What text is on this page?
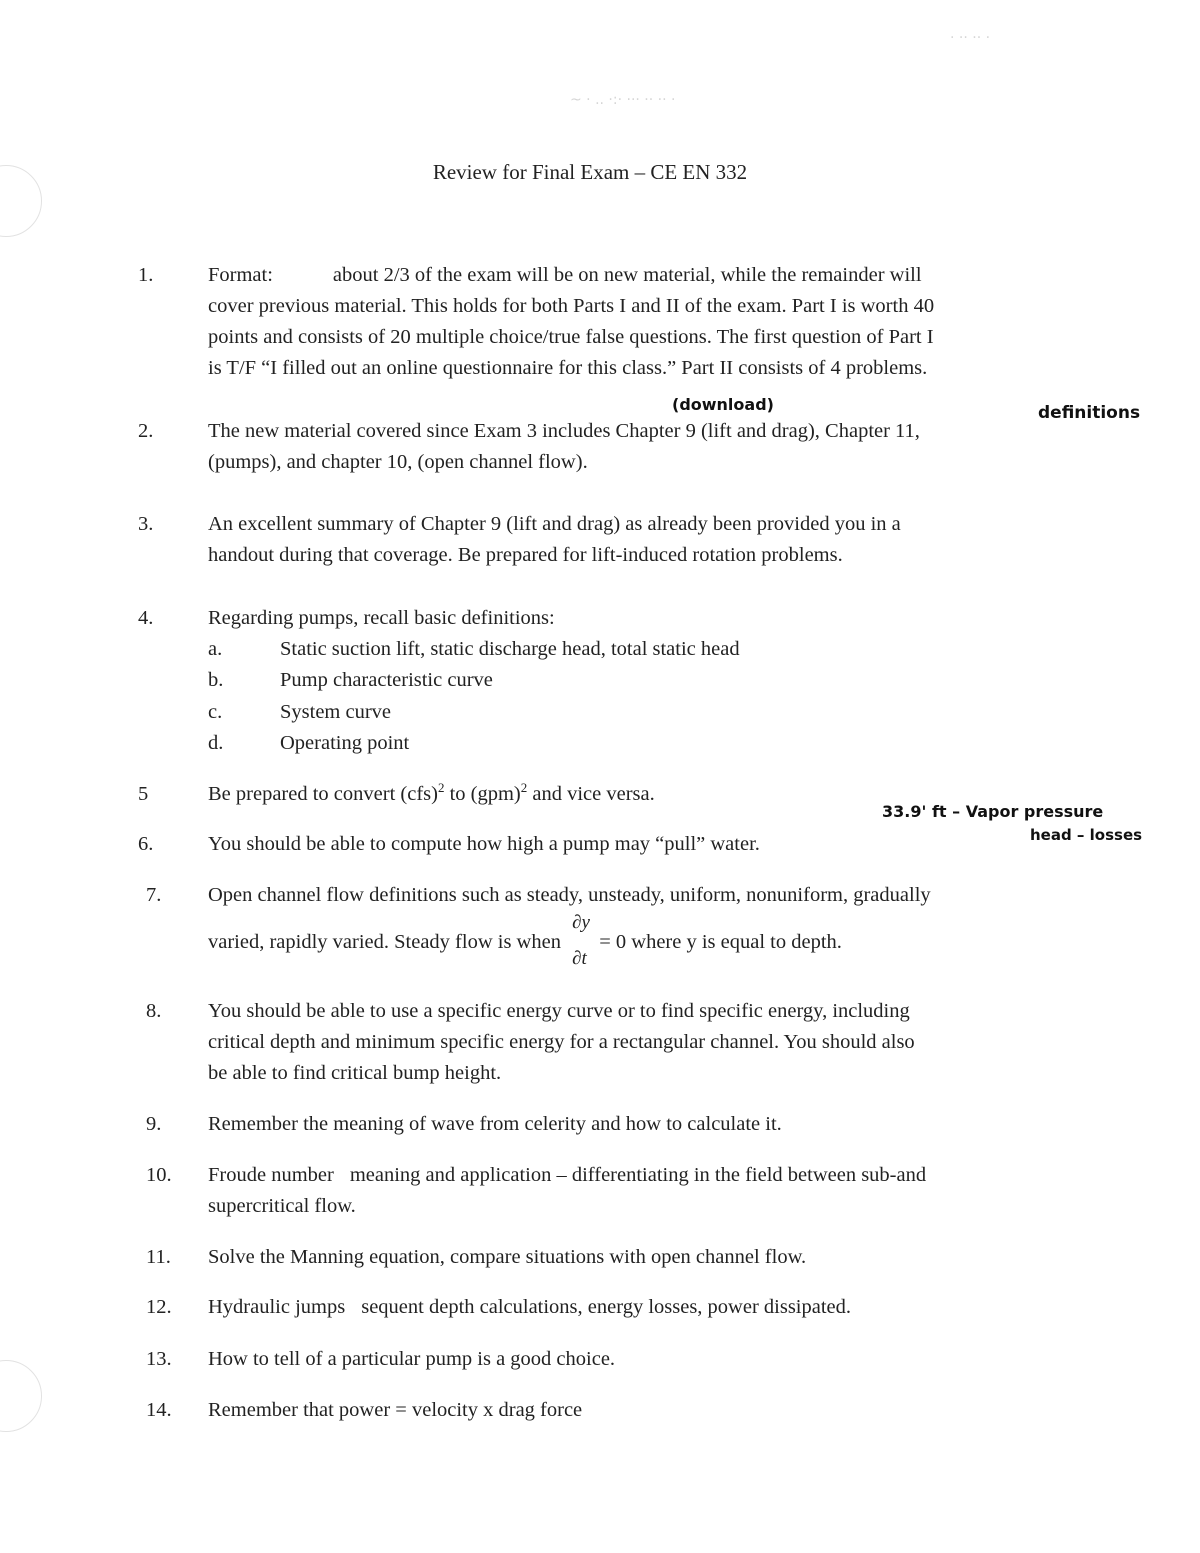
~ · .. ·:· ··· ·· ·· ·
· ·· ·· ·
Review for Final Exam – CE EN 332
1.	Format:	about 2/3 of the exam will be on new material, while the remainder will
cover previous material. This holds for both Parts I and II of the exam. Part I is worth 40
points and consists of 20 multiple choice/true false questions. The first question of Part I
is T/F “I filled out an online questionnaire for this class.” Part II consists of 4 problems.
(download)	definitions
2.	The new material covered since Exam 3 includes Chapter 9 (lift and drag), Chapter 11,
(pumps), and chapter 10, (open channel flow).
3.	An excellent summary of Chapter 9 (lift and drag) as already been provided you in a
handout during that coverage. Be prepared for lift-induced rotation problems.
4.	Regarding pumps, recall basic definitions:
a.	Static suction lift, static discharge head, total static head
b.	Pump characteristic curve
c.	System curve
d.	Operating point
5	Be prepared to convert (cfs)$^2$ to (gpm)$^2$ and vice versa.
33.9' ft – Vapor pressure
head – losses
6.	You should be able to compute how high a pump may “pull” water.
7.	Open channel flow definitions such as steady, unsteady, uniform, nonuniform, gradually
varied, rapidly varied. Steady flow is when
∂y
∂t
= 0 where y is equal to depth.
8.	You should be able to use a specific energy curve or to find specific energy, including
critical depth and minimum specific energy for a rectangular channel. You should also
be able to find critical bump height.
9.	Remember the meaning of wave from celerity and how to calculate it.
10.	Froude number meaning and application – differentiating in the field between sub-and
supercritical flow.
11.	Solve the Manning equation, compare situations with open channel flow.
12.	Hydraulic jumps sequent depth calculations, energy losses, power dissipated.
13.	How to tell of a particular pump is a good choice.
14.	Remember that power = velocity x drag force
